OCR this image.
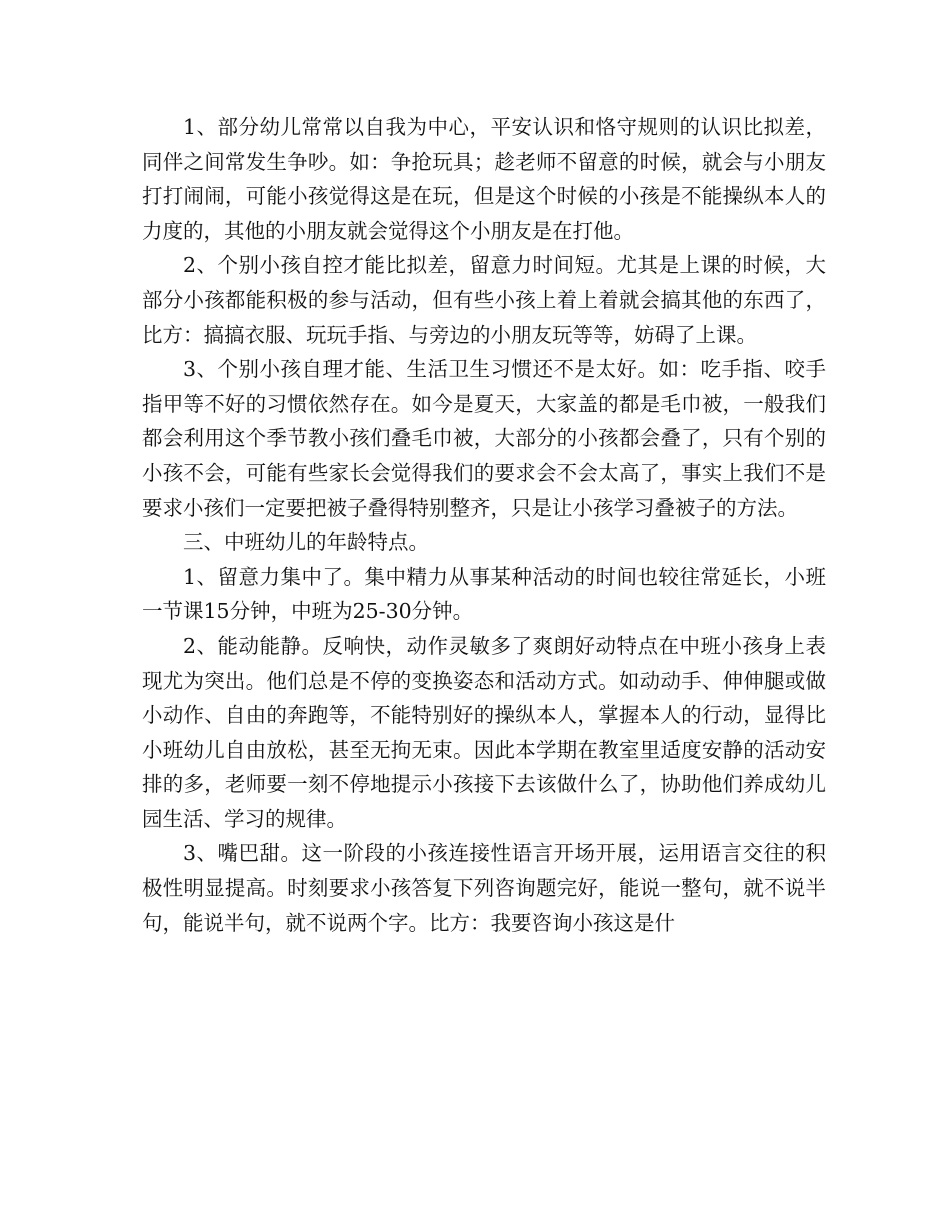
1、部分幼儿常常以自我为中心，平安认识和恪守规则的认识比拟差，同伴之间常发生争吵。如：争抢玩具；趁老师不留意的时候，就会与小朋友打打闹闹，可能小孩觉得这是在玩，但是这个时候的小孩是不能操纵本人的力度的，其他的小朋友就会觉得这个小朋友是在打他。

2、个别小孩自控才能比拟差，留意力时间短。尤其是上课的时候，大部分小孩都能积极的参与活动，但有些小孩上着上着就会搞其他的东西了，比方：搞搞衣服、玩玩手指、与旁边的小朋友玩等等，妨碍了上课。

3、个别小孩自理才能、生活卫生习惯还不是太好。如：吃手指、咬手指甲等不好的习惯依然存在。如今是夏天，大家盖的都是毛巾被，一般我们都会利用这个季节教小孩们叠毛巾被，大部分的小孩都会叠了，只有个别的小孩不会，可能有些家长会觉得我们的要求会不会太高了，事实上我们不是要求小孩们一定要把被子叠得特别整齐，只是让小孩学习叠被子的方法。

三、中班幼儿的年龄特点。

1、留意力集中了。集中精力从事某种活动的时间也较往常延长，小班一节课15分钟，中班为25-30分钟。

2、能动能静。反响快，动作灵敏多了爽朗好动特点在中班小孩身上表现尤为突出。他们总是不停的变换姿态和活动方式。如动动手、伸伸腿或做小动作、自由的奔跑等，不能特别好的操纵本人，掌握本人的行动，显得比小班幼儿自由放松，甚至无拘无束。因此本学期在教室里适度安静的活动安排的多，老师要一刻不停地提示小孩接下去该做什么了，协助他们养成幼儿园生活、学习的规律。

3、嘴巴甜。这一阶段的小孩连接性语言开场开展，运用语言交往的积极性明显提高。时刻要求小孩答复下列咨询题完好，能说一整句，就不说半句，能说半句，就不说两个字。比方：我要咨询小孩这是什
